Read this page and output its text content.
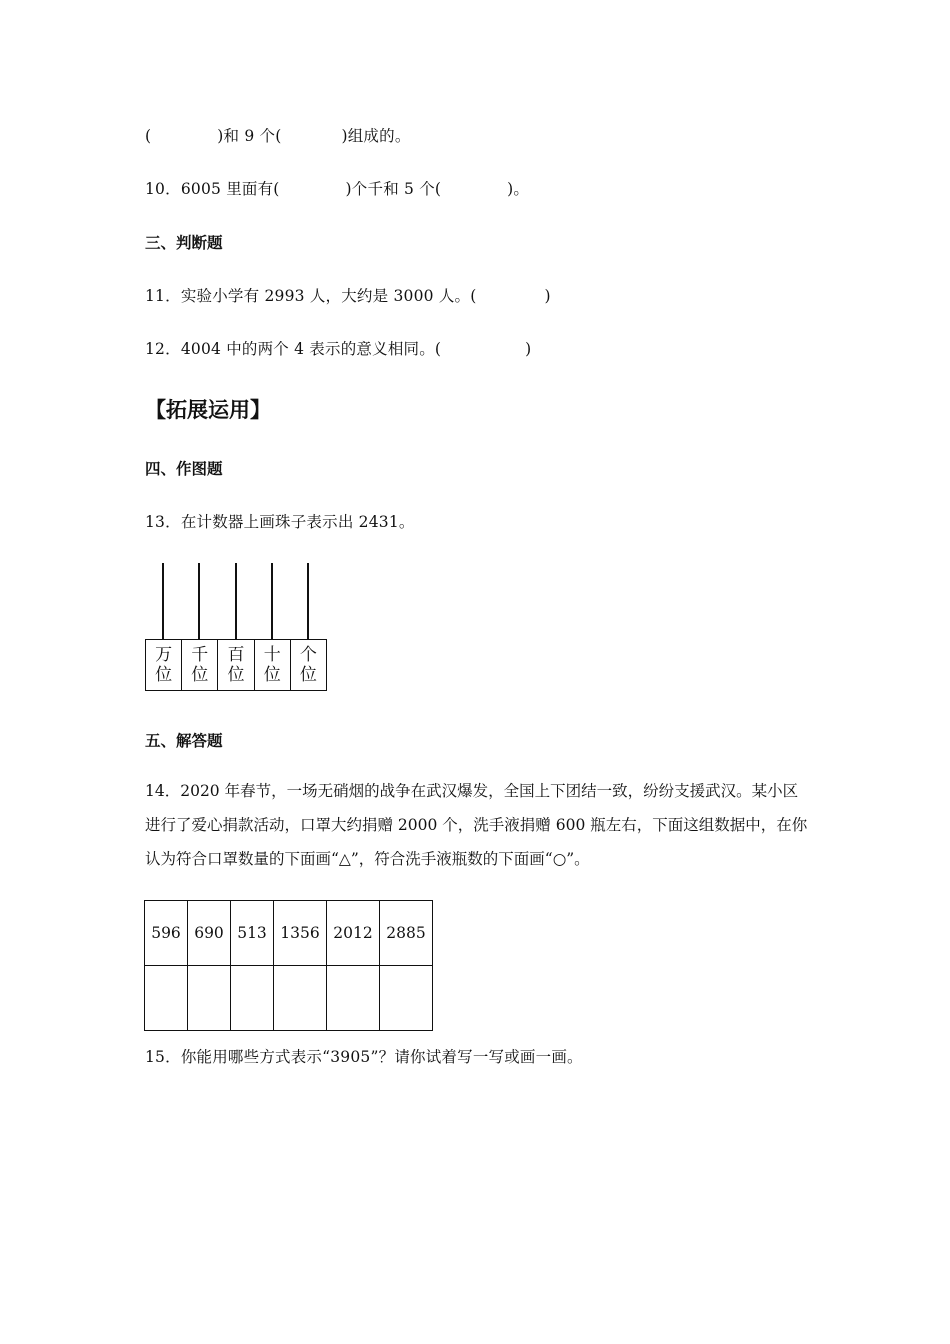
(	)和 9 个(	)组成的。
10．6005 里面有(	)个千和 5 个(	)。
三、判断题
11．实验小学有 2993 人，大约是 3000 人。(	)
12．4004 中的两个 4 表示的意义相同。(	)
【拓展运用】
四、作图题
13．在计数器上画珠子表示出 2431。
万
位
千
位
百
位
十
位
个
位
五、解答题
14．2020 年春节，一场无硝烟的战争在武汉爆发，全国上下团结一致，纷纷支援武汉。某小区进行了爱心捐款活动，口罩大约捐赠 2000 个，洗手液捐赠 600 瓶左右，下面这组数据中，在你认为符合口罩数量的下面画“△”，符合洗手液瓶数的下面画“○”。
596	690	513	1356	2012	2885

15．你能用哪些方式表示“3905”？请你试着写一写或画一画。
